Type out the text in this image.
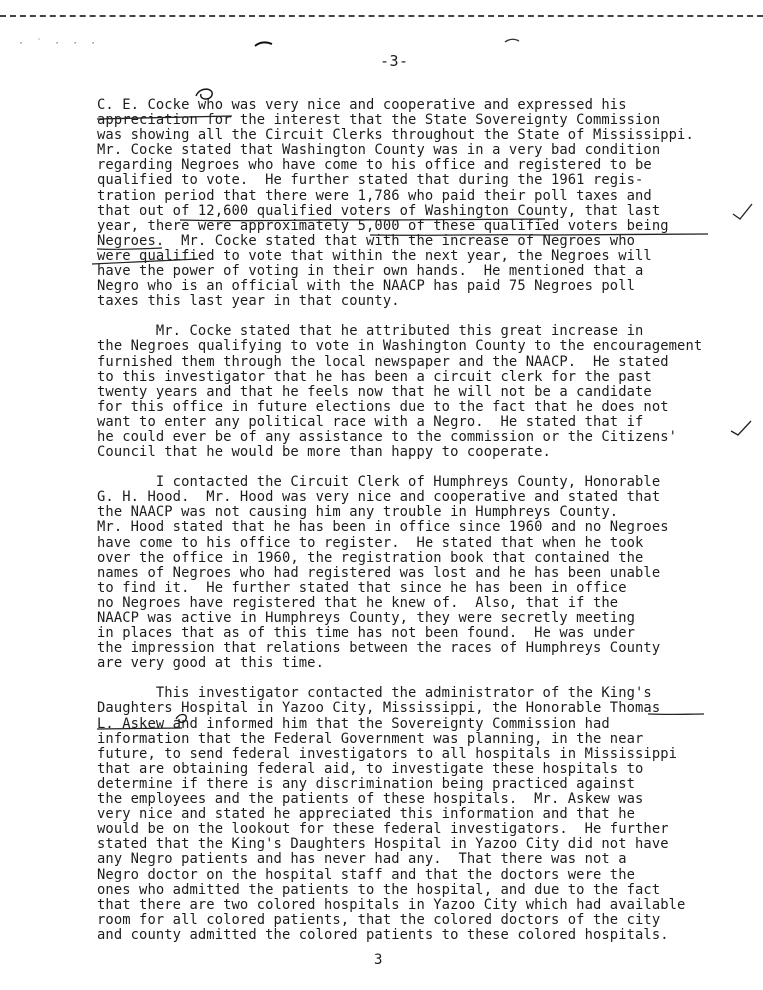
· ˙ · · ·
-3-
C. E. Cocke who was very nice and cooperative and expressed his
appreciation for the interest that the State Sovereignty Commission
was showing all the Circuit Clerks throughout the State of Mississippi.
Mr. Cocke stated that Washington County was in a very bad condition
regarding Negroes who have come to his office and registered to be
qualified to vote.  He further stated that during the 1961 regis-
tration period that there were 1,786 who paid their poll taxes and
that out of 12,600 qualified voters of Washington County, that last
year, there were approximately 5,000 of these qualified voters being
Negroes.  Mr. Cocke stated that with the increase of Negroes who
were qualified to vote that within the next year, the Negroes will
have the power of voting in their own hands.  He mentioned that a
Negro who is an official with the NAACP has paid 75 Negroes poll
taxes this last year in that county.
Mr. Cocke stated that he attributed this great increase in
the Negroes qualifying to vote in Washington County to the encouragement
furnished them through the local newspaper and the NAACP.  He stated
to this investigator that he has been a circuit clerk for the past
twenty years and that he feels now that he will not be a candidate
for this office in future elections due to the fact that he does not
want to enter any political race with a Negro.  He stated that if
he could ever be of any assistance to the commission or the Citizens'
Council that he would be more than happy to cooperate.
I contacted the Circuit Clerk of Humphreys County, Honorable
G. H. Hood.  Mr. Hood was very nice and cooperative and stated that
the NAACP was not causing him any trouble in Humphreys County.
Mr. Hood stated that he has been in office since 1960 and no Negroes
have come to his office to register.  He stated that when he took
over the office in 1960, the registration book that contained the
names of Negroes who had registered was lost and he has been unable
to find it.  He further stated that since he has been in office
no Negroes have registered that he knew of.  Also, that if the
NAACP was active in Humphreys County, they were secretly meeting
in places that as of this time has not been found.  He was under
the impression that relations between the races of Humphreys County
are very good at this time.
This investigator contacted the administrator of the King's
Daughters Hospital in Yazoo City, Mississippi, the Honorable Thomas
L. Askew and informed him that the Sovereignty Commission had
information that the Federal Government was planning, in the near
future, to send federal investigators to all hospitals in Mississippi
that are obtaining federal aid, to investigate these hospitals to
determine if there is any discrimination being practiced against
the employees and the patients of these hospitals.  Mr. Askew was
very nice and stated he appreciated this information and that he
would be on the lookout for these federal investigators.  He further
stated that the King's Daughters Hospital in Yazoo City did not have
any Negro patients and has never had any.  That there was not a
Negro doctor on the hospital staff and that the doctors were the
ones who admitted the patients to the hospital, and due to the fact
that there are two colored hospitals in Yazoo City which had available
room for all colored patients, that the colored doctors of the city
and county admitted the colored patients to these colored hospitals.
3
